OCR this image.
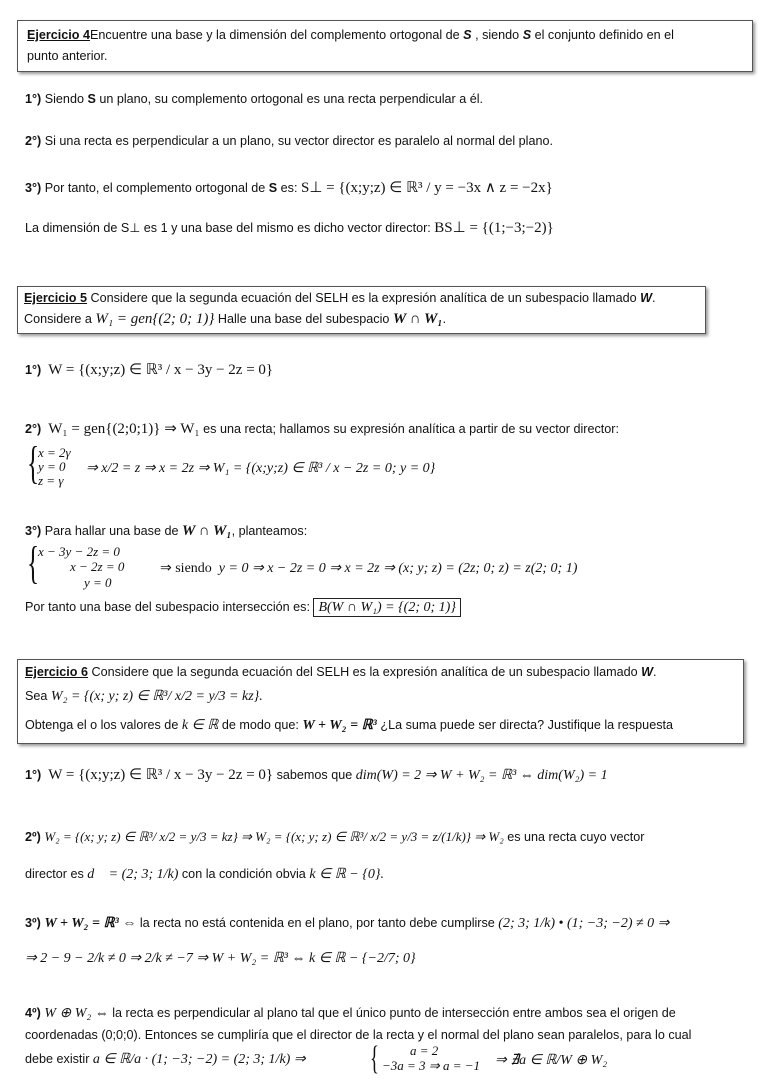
Ejercicio 4Encuentre una base y la dimensión del complemento ortogonal de S , siendo S el conjunto definido en el
punto anterior.
1°) Siendo S un plano, su complemento ortogonal es una recta perpendicular a él.
2°) Si una recta es perpendicular a un plano, su vector director es paralelo al normal del plano.
3°) Por tanto, el complemento ortogonal de S es: S⊥ = {(x;y;z) ∈ ℝ³ / y = −3x ∧ z = −2x}
La dimensión de S⊥ es 1 y una base del mismo es dicho vector director: BS⊥ = {(1;−3;−2)}
Ejercicio 5 Considere que la segunda ecuación del SELH es la expresión analítica de un subespacio llamado W.
Considere a W₁ = gen{(2; 0; 1)} Halle una base del subespacio W ∩ W₁.
1°) W = {(x;y;z) ∈ ℝ³ / x − 3y − 2z = 0}
2°) W₁ = gen{(2;0;1)} ⇒ W₁ es una recta; hallamos su expresión analítica a partir de su vector director:
{
x = 2γ
y = 0
z = γ
⇒ x/2 = z ⇒ x = 2z ⇒ W₁ = {(x;y;z) ∈ ℝ³ / x − 2z = 0; y = 0}
3°) Para hallar una base de W ∩ W₁, planteamos:
{
x − 3y − 2z = 0
x − 2z = 0
y = 0
⇒ siendo y = 0 ⇒ x − 2z = 0 ⇒ x = 2z ⇒ (x; y; z) = (2z; 0; z) = z(2; 0; 1)
Por tanto una base del subespacio intersección es: B(W ∩ W₁) = {(2; 0; 1)}
Ejercicio 6 Considere que la segunda ecuación del SELH es la expresión analítica de un subespacio llamado W.
Sea W₂ = {(x; y; z) ∈ ℝ³/ x/2 = y/3 = kz}.
Obtenga el o los valores de k ∈ ℝ de modo que: W + W₂ = ℝ³ ¿La suma puede ser directa? Justifique la respuesta
1°) W = {(x;y;z) ∈ ℝ³ / x − 3y − 2z = 0} sabemos que dim(W) = 2 ⇒ W + W₂ = ℝ³ ⇔ dim(W₂) = 1
2º) W₂ = {(x; y; z) ∈ ℝ³/ x/2 = y/3 = kz} ⇒ W₂ = {(x; y; z) ∈ ℝ³/ x/2 = y/3 = z/(1/k)} ⇒ W₂ es una recta cuyo vector
director es d⃗ = (2; 3; 1/k) con la condición obvia k ∈ ℝ − {0}.
3º) W + W₂ = ℝ³ ⇔ la recta no está contenida en el plano, por tanto debe cumplirse (2; 3; 1/k) • (1; −3; −2) ≠ 0 ⇒
⇒ 2 − 9 − 2/k ≠ 0 ⇒ 2/k ≠ −7 ⇒ W + W₂ = ℝ³ ⇔ k ∈ ℝ − {−2/7; 0}
4º) W ⊕ W₂ ⇔ la recta es perpendicular al plano tal que el único punto de intersección entre ambos sea el origen de
coordenadas (0;0;0). Entonces se cumpliría que el director de la recta y el normal del plano sean paralelos, para lo cual
debe existir a ∈ ℝ/a · (1; −3; −2) = (2; 3; 1/k) ⇒ { a = 2
−3a = 3 ⇒ a = −1 ⇒ ∄a ∈ ℝ/W ⊕ W₂
